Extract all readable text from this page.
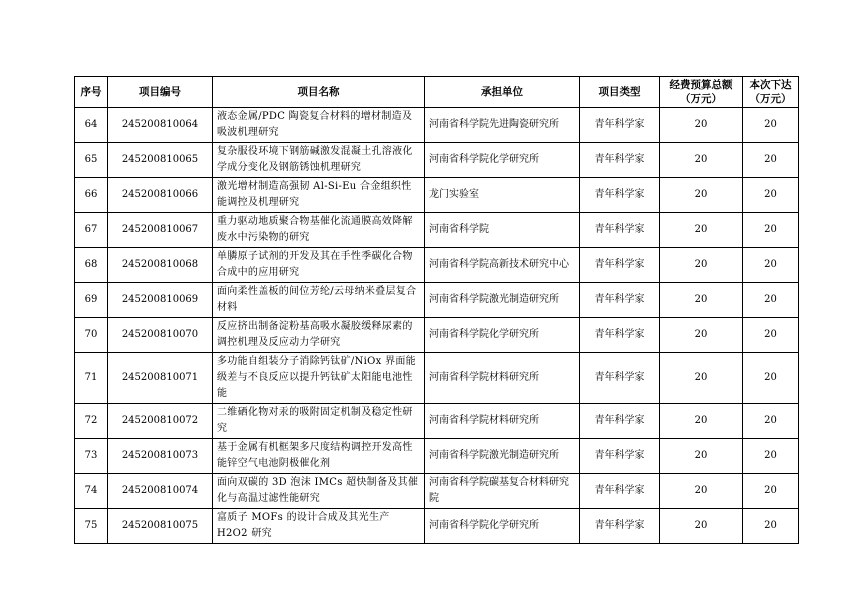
序号	项目编号	项目名称	承担单位	项目类型	经费预算总额（万元）	本次下达（万元）
64	245200810064	液态金属/PDC 陶瓷复合材料的增材制造及吸波机理研究	河南省科学院先进陶瓷研究所	青年科学家	20	20
65	245200810065	复杂服役环境下钢筋碱激发混凝土孔溶液化学成分变化及钢筋锈蚀机理研究	河南省科学院化学研究所	青年科学家	20	20
66	245200810066	激光增材制造高强韧 Al-Si-Eu 合金组织性能调控及机理研究	龙门实验室	青年科学家	20	20
67	245200810067	重力驱动地质聚合物基催化流通膜高效降解废水中污染物的研究	河南省科学院	青年科学家	20	20
68	245200810068	单膦原子试剂的开发及其在手性季碳化合物合成中的应用研究	河南省科学院高新技术研究中心	青年科学家	20	20
69	245200810069	面向柔性盖板的间位芳纶/云母纳米叠层复合材料	河南省科学院激光制造研究所	青年科学家	20	20
70	245200810070	反应挤出制备淀粉基高吸水凝胶缓释尿素的调控机理及反应动力学研究	河南省科学院化学研究所	青年科学家	20	20
71	245200810071	多功能自组装分子消除钙钛矿/NiOx 界面能级差与不良反应以提升钙钛矿太阳能电池性能	河南省科学院材料研究所	青年科学家	20	20
72	245200810072	二维硒化物对汞的吸附固定机制及稳定性研究	河南省科学院材料研究所	青年科学家	20	20
73	245200810073	基于金属有机框架多尺度结构调控开发高性能锌空气电池阴极催化剂	河南省科学院激光制造研究所	青年科学家	20	20
74	245200810074	面向双碳的 3D 泡沫 IMCs 超快制备及其催化与高温过滤性能研究	河南省科学院碳基复合材料研究院	青年科学家	20	20
75	245200810075	富质子 MOFs 的设计合成及其光生产 H2O2 研究	河南省科学院化学研究所	青年科学家	20	20
